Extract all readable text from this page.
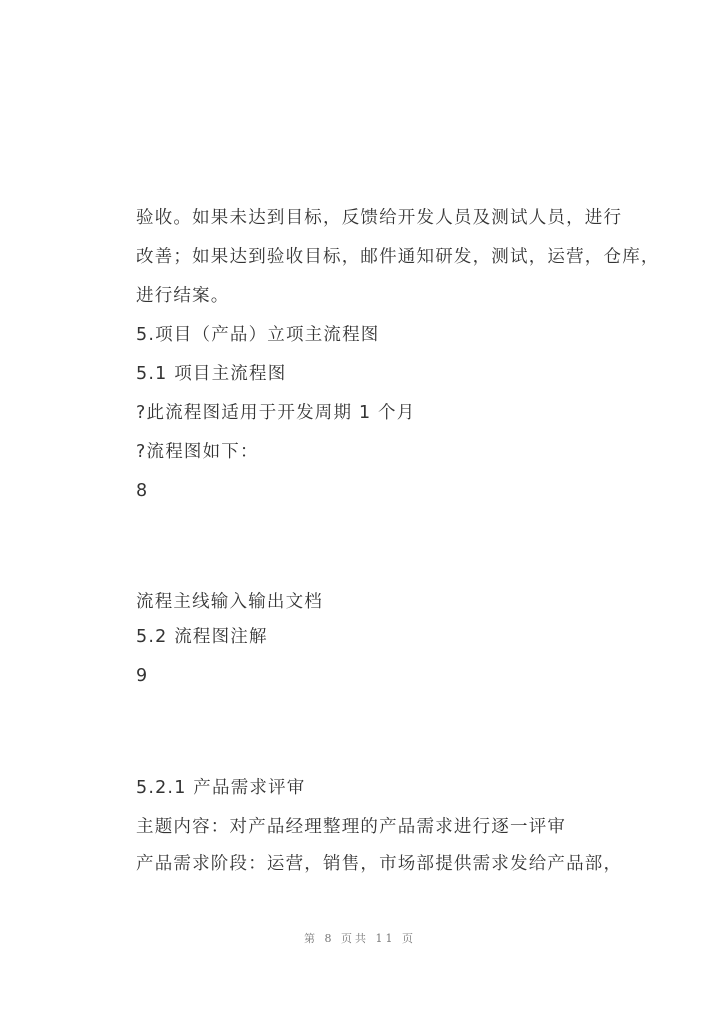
验收。如果未达到目标，反馈给开发人员及测试人员，进行
改善；如果达到验收目标，邮件通知研发，测试，运营，仓库，
进行结案。
5.项目（产品）立项主流程图
5.1 项目主流程图
?此流程图适用于开发周期 1 个月
?流程图如下：
8
流程主线输入输出文档
5.2 流程图注解
9
5.2.1 产品需求评审
主题内容：对产品经理整理的产品需求进行逐一评审
产品需求阶段：运营，销售，市场部提供需求发给产品部，
第 8 页共 11 页
